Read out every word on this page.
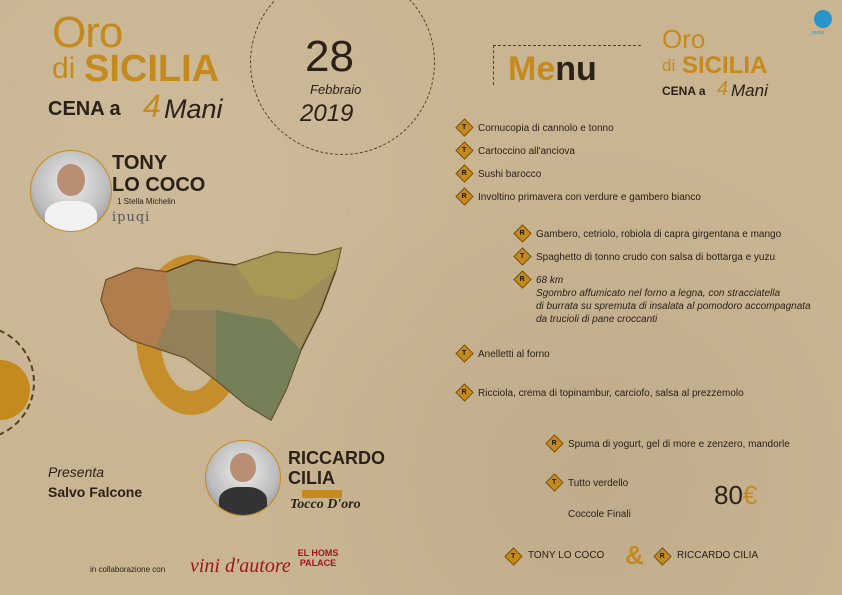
Oro
di SICILIA
CENA a 4 Mani
28
Febbraio
2019
TONY
LO COCO
1 Stella Michelin
ipuqi
Presenta
Salvo Falcone
RICCARDO
CILIA
Tocco D'oro
in collaborazione con vini d'autore
EL HOMS PALACE
Menu
Oro
di SICILIA
CENA a 4 Mani
press
T	Cornucopia di cannolo e tonno
T	Cartoccino all'anciova
R Sushi barocco
R Involtino primavera con verdure e gambero bianco
R Gambero, cetriolo, robiola di capra girgentana e mango
T	Spaghetto di tonno crudo con salsa di bottarga e yuzu
R 68 km
Sgombro affumicato nel forno a legna, con stracciatella
di burrata su spremuta di insalata al pomodoro accompagnata
da trucioli di pane croccanti
T	Anelletti al forno
R Ricciola, crema di topinambur, carciofo, salsa al prezzemolo
R Spuma di yogurt, gel di more e zenzero, mandorle
T	Tutto verdello
Coccole Finali
80€
T	TONY LO COCO &	R RICCARDO CILIA
